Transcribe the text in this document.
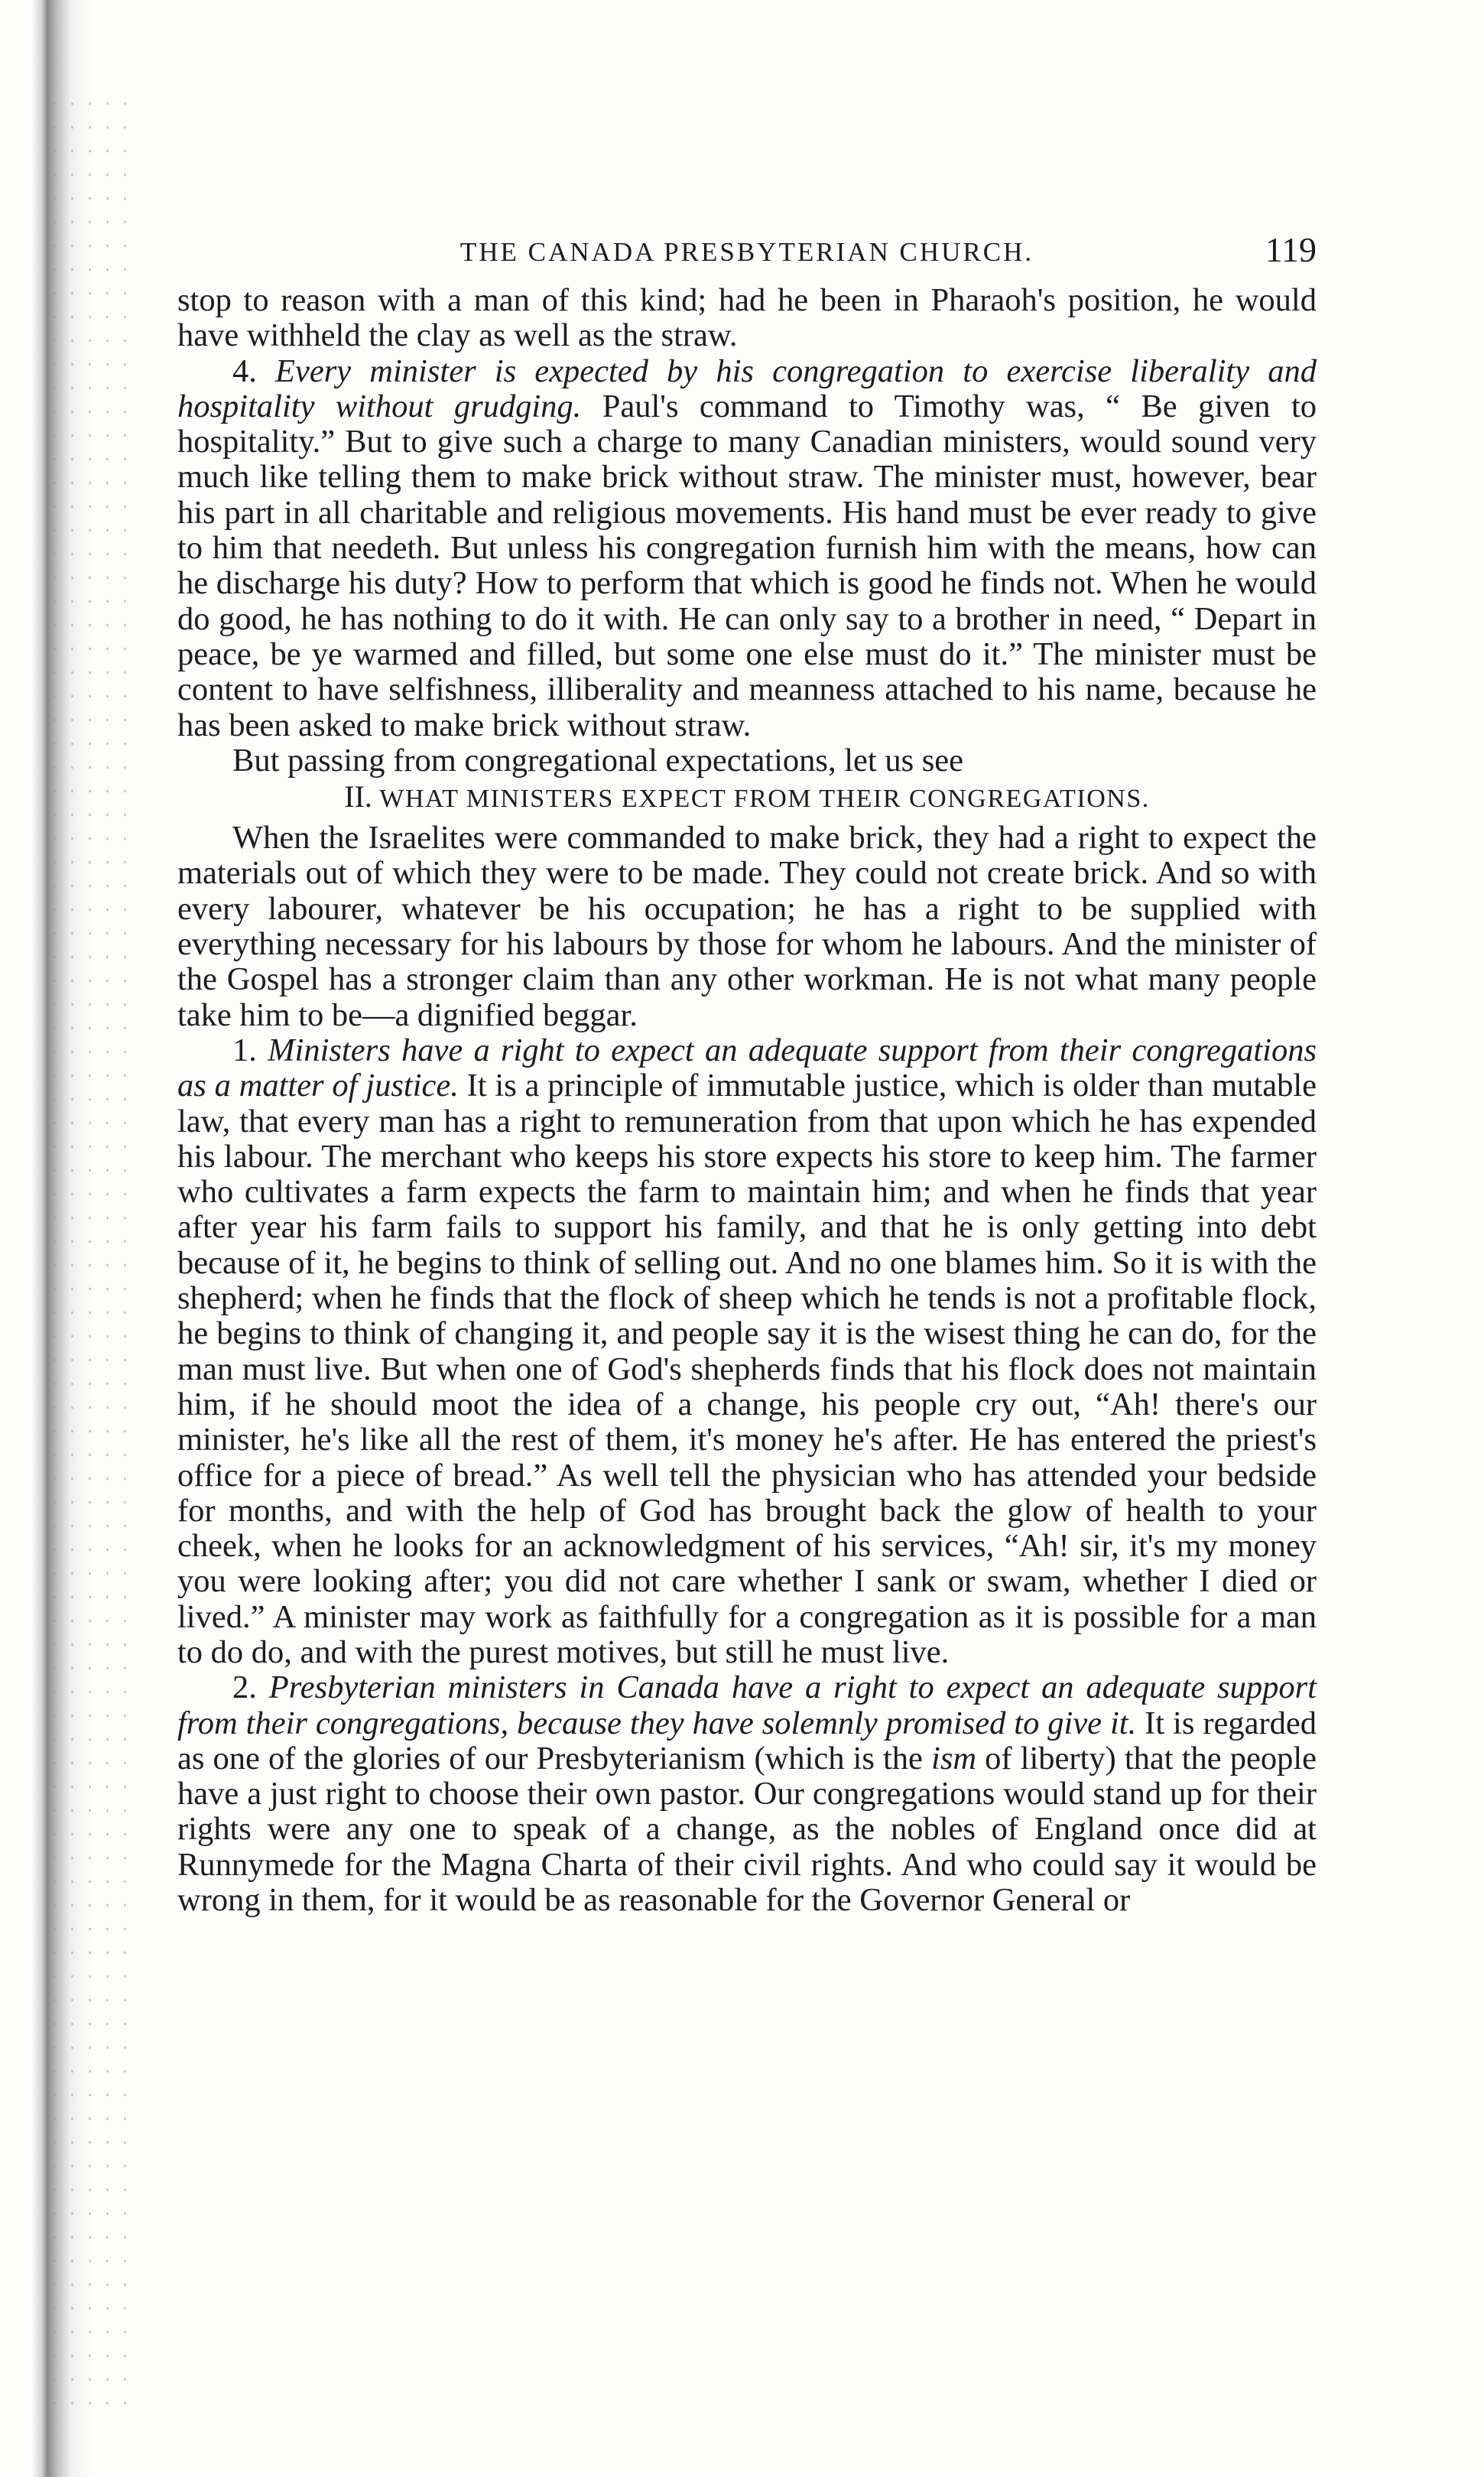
THE CANADA PRESBYTERIAN CHURCH.	119

stop to reason with a man of this kind; had he been in Pharaoh's position, he would have withheld the clay as well as the straw.

4. Every minister is expected by his congregation to exercise liberality and hospitality without grudging. Paul's command to Timothy was, “ Be given to hospitality.” But to give such a charge to many Canadian ministers, would sound very much like telling them to make brick without straw. The minister must, however, bear his part in all charitable and religious movements. His hand must be ever ready to give to him that needeth. But unless his congregation furnish him with the means, how can he discharge his duty? How to perform that which is good he finds not. When he would do good, he has nothing to do it with. He can only say to a brother in need, “ Depart in peace, be ye warmed and filled, but some one else must do it.” The minister must be content to have selfishness, illiberality and meanness attached to his name, because he has been asked to make brick without straw.

But passing from congregational expectations, let us see

II. WHAT MINISTERS EXPECT FROM THEIR CONGREGATIONS.

When the Israelites were commanded to make brick, they had a right to expect the materials out of which they were to be made. They could not create brick. And so with every labourer, whatever be his occupation; he has a right to be supplied with everything necessary for his labours by those for whom he labours. And the minister of the Gospel has a stronger claim than any other workman. He is not what many people take him to be—a dignified beggar.

1. Ministers have a right to expect an adequate support from their congregations as a matter of justice. It is a principle of immutable justice, which is older than mutable law, that every man has a right to remuneration from that upon which he has expended his labour. The merchant who keeps his store expects his store to keep him. The farmer who cultivates a farm expects the farm to maintain him; and when he finds that year after year his farm fails to support his family, and that he is only getting into debt because of it, he begins to think of selling out. And no one blames him. So it is with the shepherd; when he finds that the flock of sheep which he tends is not a profitable flock, he begins to think of changing it, and people say it is the wisest thing he can do, for the man must live. But when one of God's shepherds finds that his flock does not maintain him, if he should moot the idea of a change, his people cry out, “Ah! there's our minister, he's like all the rest of them, it's money he's after. He has entered the priest's office for a piece of bread.” As well tell the physician who has attended your bedside for months, and with the help of God has brought back the glow of health to your cheek, when he looks for an acknowledgment of his services, “Ah! sir, it's my money you were looking after; you did not care whether I sank or swam, whether I died or lived.” A minister may work as faithfully for a congregation as it is possible for a man to do do, and with the purest motives, but still he must live.

2. Presbyterian ministers in Canada have a right to expect an adequate support from their congregations, because they have solemnly promised to give it. It is regarded as one of the glories of our Presbyterianism (which is the ism of liberty) that the people have a just right to choose their own pastor. Our congregations would stand up for their rights were any one to speak of a change, as the nobles of England once did at Runnymede for the Magna Charta of their civil rights. And who could say it would be wrong in them, for it would be as reasonable for the Governor General or
